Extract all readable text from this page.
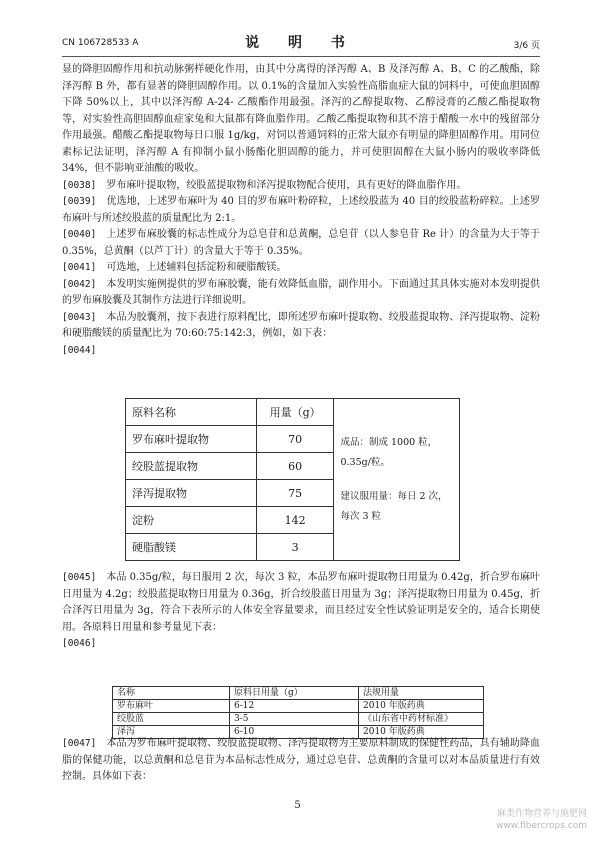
CN 106728533 A	说 明 书	3/6 页

显的降胆固醇作用和抗动脉粥样硬化作用，由其中分离得的泽泻醇 A、B 及泽泻醇 A、B、C 的乙酸酯，除泽泻醇 B 外，都有显著的降胆固醇作用。以 0.1%的含量加入实验性高脂血症大鼠的饲料中，可使血胆固醇下降 50%以上，其中以泽泻醇 A-24- 乙酸酯作用最强。泽泻的乙醇提取物、乙醇浸膏的乙酸乙酯提取物等，对实验性高胆固醇血症家兔和大鼠都有降血脂作用。乙酸乙酯提取物和其不溶于醋酸一水中的残留部分作用最强。醋酸乙酯提取物每日口服 1g/kg，对饲以普通饲料的正常大鼠亦有明显的降胆固醇作用。用同位素标记法证明，泽泻醇 A 有抑制小鼠小肠酯化胆固醇的能力，并可使胆固醇在大鼠小肠内的吸收率降低 34%，但不影响亚油酸的吸收。

[0038] 罗布麻叶提取物，绞股蓝提取物和泽泻提取物配合使用，具有更好的降血脂作用。

[0039] 优选地，上述罗布麻叶为 40 目的罗布麻叶粉碎粒，上述绞股蓝为 40 目的绞股蓝粉碎粒。上述罗布麻叶与所述绞股蓝的质量配比为 2:1。

[0040] 上述罗布麻胶囊的标志性成分为总皂苷和总黄酮，总皂苷（以人参皂苷 Re 计）的含量为大于等于 0.35%，总黄酮（以芦丁计）的含量大于等于 0.35%。

[0041] 可选地，上述辅料包括淀粉和硬脂酸镁。

[0042] 本发明实施例提供的罗布麻胶囊，能有效降低血脂，副作用小。下面通过其具体实施对本发明提供的罗布麻胶囊及其制作方法进行详细说明。

[0043] 本品为胶囊剂，按下表进行原料配比，即所述罗布麻叶提取物、绞股蓝提取物、泽泻提取物、淀粉和硬脂酸镁的质量配比为 70:60:75:142:3，例如，如下表：

[0044]

原料名称	用量（g）	成品：制成 1000 粒，0.35g/粒。
建议服用量：每日 2 次，每次 3 粒

罗布麻叶提取物	70	
绞股蓝提取物	60	
泽泻提取物	75	
淀粉	142	
硬脂酸镁	3	

[0045] 本品 0.35g/粒，每日服用 2 次，每次 3 粒，本品罗布麻叶提取物日用量为 0.42g，折合罗布麻叶日用量为 4.2g；绞股蓝提取物日用量为 0.36g，折合绞股蓝日用量为 3g；泽泻提取物日用量为 0.45g，折合泽泻日用量为 3g，符合下表所示的人体安全容量要求，而且经过安全性试验证明是安全的，适合长期使用。各原料日用量和参考量见下表：

[0046]

名称	原料日用量（g）	法规用量
罗布麻叶	6-12	2010 年版药典
绞股蓝	3-5	《山东省中药材标准》
泽泻	6-10	2010 年版药典

[0047] 本品为罗布麻叶提取物、绞股蓝提取物、泽泻提取物为主要原料制成的保健性药品，具有辅助降血脂的保健功能，以总黄酮和总皂苷为本品标志性成分，通过总皂苷、总黄酮的含量可以对本品质量进行有效控制。具体如下表：

5
麻类作物营养与施肥网
www.fibercrops.com
